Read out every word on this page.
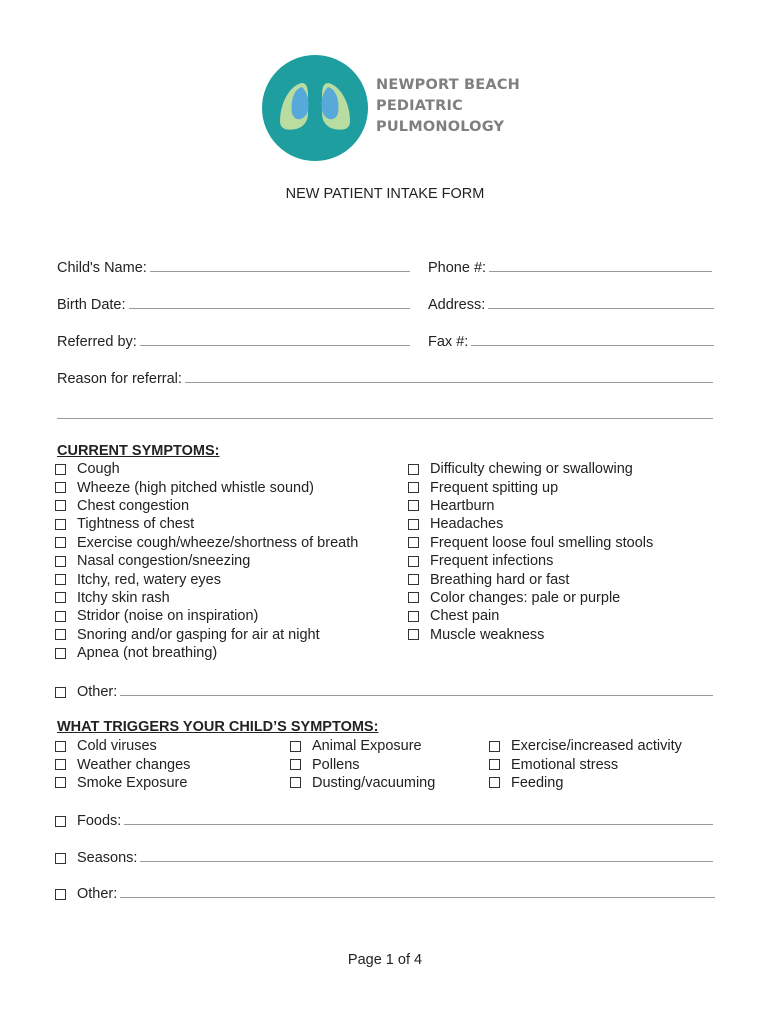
NEWPORT BEACH
PEDIATRIC
PULMONOLOGY
NEW PATIENT INTAKE FORM
Child's Name:	Phone #:
Birth Date:	Address:
Referred by:	Fax #:
Reason for referral:
CURRENT SYMPTOMS:
Cough
Wheeze (high pitched whistle sound)
Chest congestion
Tightness of chest
Exercise cough/wheeze/shortness of breath
Nasal congestion/sneezing
Itchy, red, watery eyes
Itchy skin rash
Stridor (noise on inspiration)
Snoring and/or gasping for air at night
Apnea (not breathing)
Difficulty chewing or swallowing
Frequent spitting up
Heartburn
Headaches
Frequent loose foul smelling stools
Frequent infections
Breathing hard or fast
Color changes: pale or purple
Chest pain
Muscle weakness
Other:
WHAT TRIGGERS YOUR CHILD’S SYMPTOMS:
Cold viruses
Weather changes
Smoke Exposure
Animal Exposure
Pollens
Dusting/vacuuming
Exercise/increased activity
Emotional stress
Feeding
Foods:
Seasons:
Other:
Page 1 of 4
